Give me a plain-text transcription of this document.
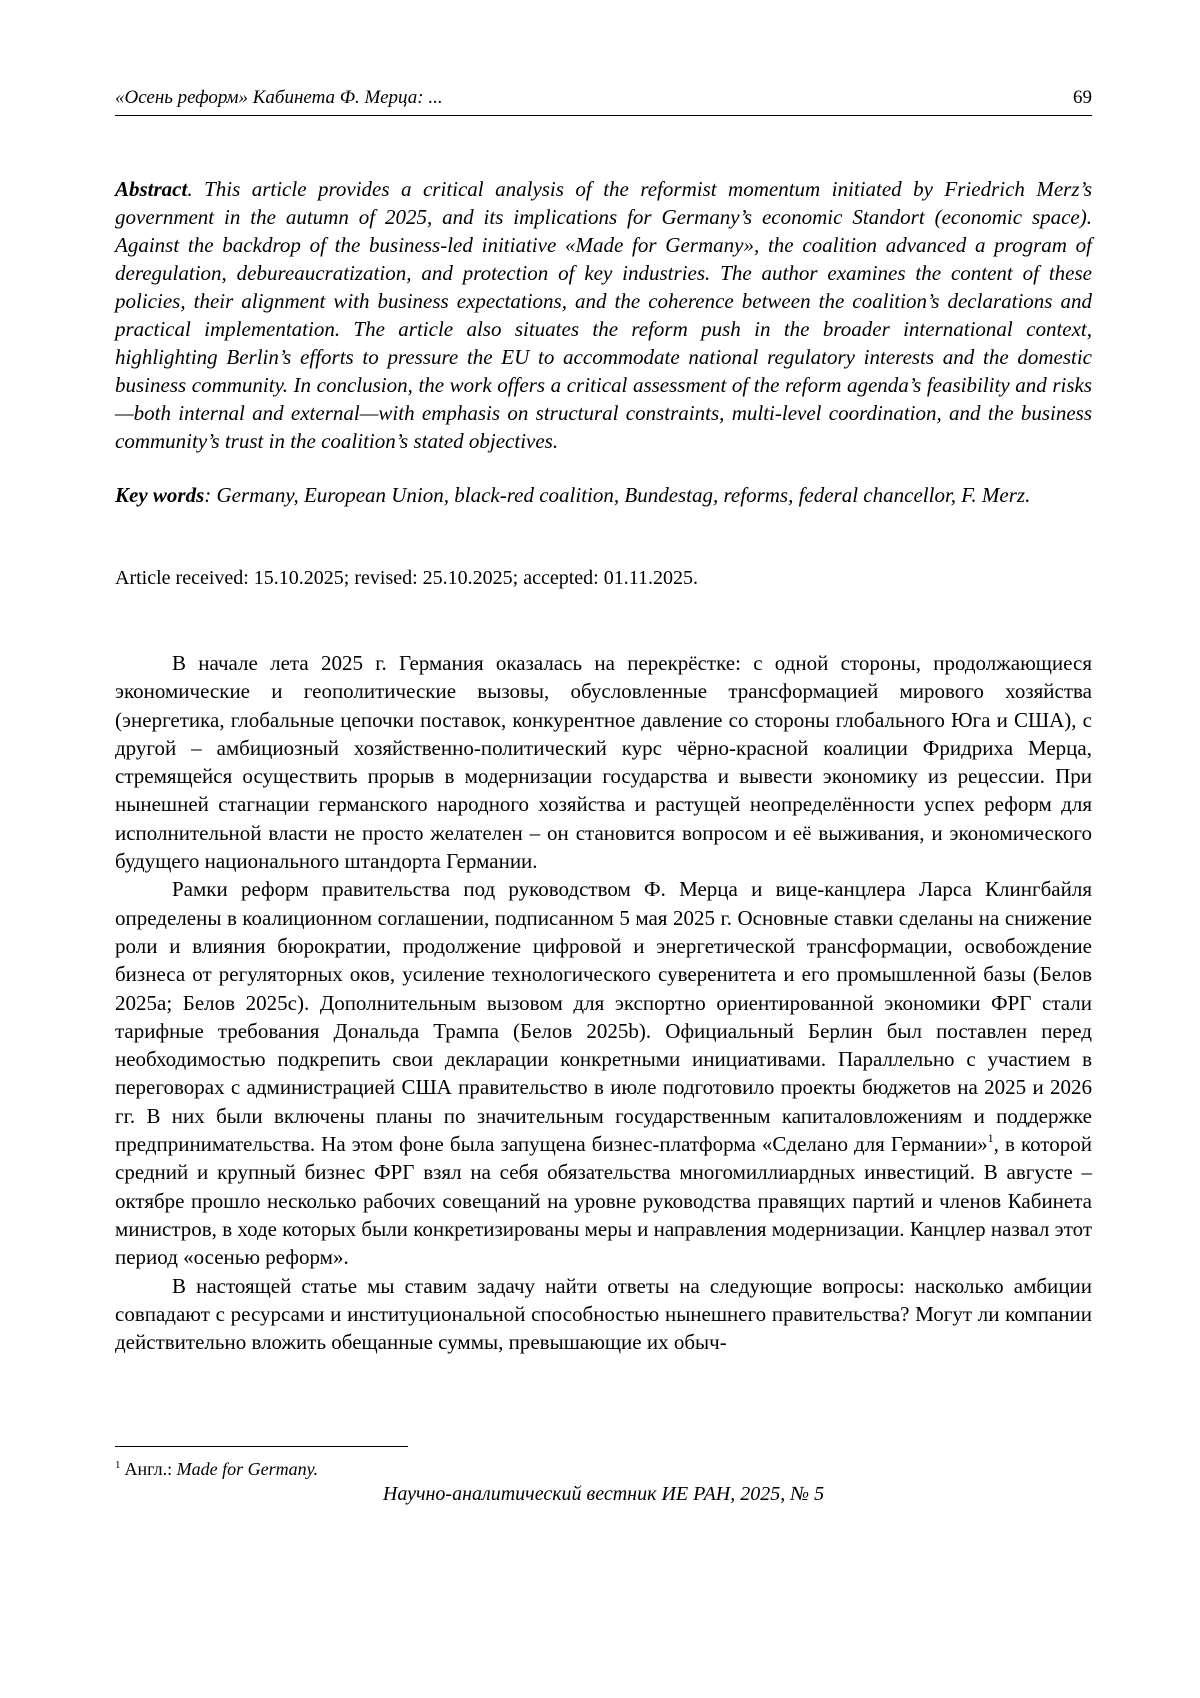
«Осень реформ» Кабинета Ф. Мерца: ...	69

Abstract. This article provides a critical analysis of the reformist momentum initiated by Friedrich Merz’s government in the autumn of 2025, and its implications for Germany’s economic Standort (economic space). Against the backdrop of the business-led initiative «Made for Germany», the coalition advanced a program of deregulation, debureaucratization, and protection of key industries. The author examines the content of these policies, their alignment with business expectations, and the coherence between the coalition’s declarations and practical implementation. The article also situates the reform push in the broader international context, highlighting Berlin’s efforts to pressure the EU to accommodate national regulatory interests and the domestic business community. In conclusion, the work offers a critical assessment of the reform agenda’s feasibility and risks—both internal and external—with emphasis on structural constraints, multi-level coordination, and the business community’s trust in the coalition’s stated objectives.

Key words: Germany, European Union, black-red coalition, Bundestag, reforms, federal chancellor, F. Merz.

Article received: 15.10.2025; revised: 25.10.2025; accepted: 01.11.2025.

В начале лета 2025 г. Германия оказалась на перекрёстке: с одной стороны, продолжающиеся экономические и геополитические вызовы, обусловленные трансформацией мирового хозяйства (энергетика, глобальные цепочки поставок, конкурентное давление со стороны глобального Юга и США), с другой – амбициозный хозяйственно-политический курс чёрно-красной коалиции Фридриха Мерца, стремящейся осуществить прорыв в модернизации государства и вывести экономику из рецессии. При нынешней стагнации германского народного хозяйства и растущей неопределённости успех реформ для исполнительной власти не просто желателен – он становится вопросом и её выживания, и экономического будущего национального штандорта Германии.

Рамки реформ правительства под руководством Ф. Мерца и вице-канцлера Ларса Клингбайля определены в коалиционном соглашении, подписанном 5 мая 2025 г. Основные ставки сделаны на снижение роли и влияния бюрократии, продолжение цифровой и энергетической трансформации, освобождение бизнеса от регуляторных оков, усиление технологического суверенитета и его промышленной базы (Белов 2025a; Белов 2025c). Дополнительным вызовом для экспортно ориентированной экономики ФРГ стали тарифные требования Дональда Трампа (Белов 2025b). Официальный Берлин был поставлен перед необходимостью подкрепить свои декларации конкретными инициативами. Параллельно с участием в переговорах с администрацией США правительство в июле подготовило проекты бюджетов на 2025 и 2026 гг. В них были включены планы по значительным государственным капиталовложениям и поддержке предпринимательства. На этом фоне была запущена бизнес-платформа «Сделано для Германии»$^1$, в которой средний и крупный бизнес ФРГ взял на себя обязательства многомиллиардных инвестиций. В августе – октябре прошло несколько рабочих совещаний на уровне руководства правящих партий и членов Кабинета министров, в ходе которых были конкретизированы меры и направления модернизации. Канцлер назвал этот период «осенью реформ».

В настоящей статье мы ставим задачу найти ответы на следующие вопросы: насколько амбиции совпадают с ресурсами и институциональной способностью нынешнего правительства? Могут ли компании действительно вложить обещанные суммы, превышающие их обыч-

$^1$ Англ.: Made for Germany.

Научно-аналитический вестник ИЕ РАН, 2025, № 5
